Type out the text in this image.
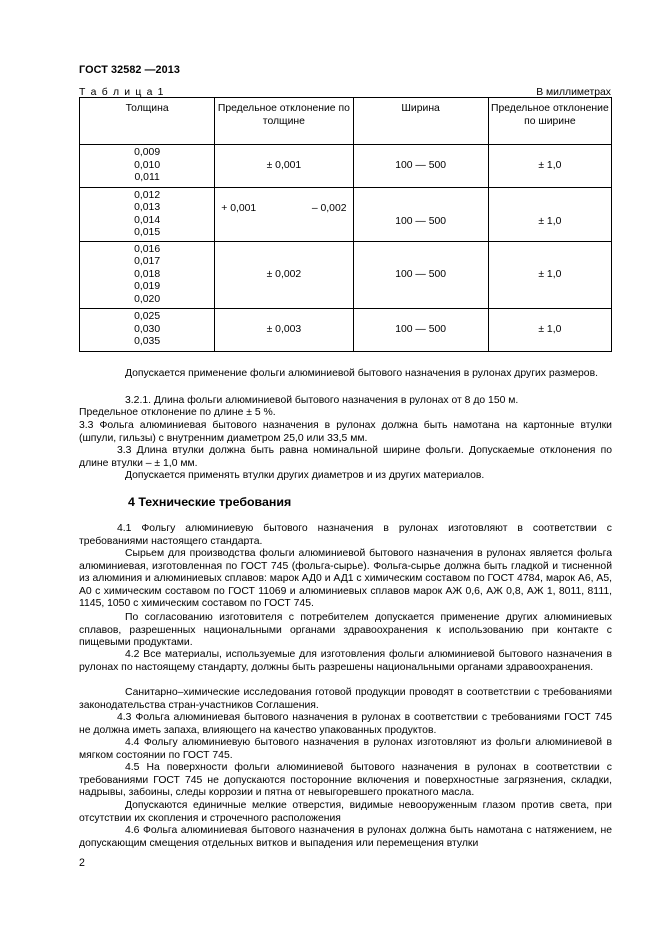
ГОСТ 32582 —2013
Т а б л и ц а 1	В миллиметрах
Толщина	Предельное отклонение по толщине	Ширина	Предельное отклонение по ширине

0,009
0,010
0,011	± 0,001	100 — 500	± 1,0

0,012
0,013
0,014
0,015	+ 0,001 – 0,002	100 — 500	± 1,0

0,016
0,017
0,018
0,019
0,020	± 0,002	100 — 500	± 1,0

0,025
0,030
0,035	± 0,003	100 — 500	± 1,0

Допускается применение фольги алюминиевой бытового назначения в рулонах других размеров.

3.2.1. Длина фольги алюминиевой бытового назначения в рулонах от 8 до 150 м.

Предельное отклонение по длине ± 5 %.

3.3 Фольга алюминиевая бытового назначения в рулонах должна быть намотана на картонные втулки (шпули, гильзы) с внутренним диаметром 25,0 или 33,5 мм.

3.3 Длина втулки должна быть равна номинальной ширине фольги. Допускаемые отклонения по длине втулки – ± 1,0 мм.

Допускается применять втулки других диаметров и из других материалов.

4 Технические требования

4.1 Фольгу алюминиевую бытового назначения в рулонах изготовляют в соответствии с требованиями настоящего стандарта.

Сырьем для производства фольги алюминиевой бытового назначения в рулонах является фольга алюминиевая, изготовленная по ГОСТ 745 (фольга-сырье). Фольга-сырье должна быть гладкой и тисненной из алюминия и алюминиевых сплавов: марок АД0 и АД1 с химическим составом по ГОСТ 4784, марок А6, А5, А0 с химическим составом по ГОСТ 11069 и алюминиевых сплавов марок АЖ 0,6, АЖ 0,8, АЖ 1, 8011, 8111, 1145, 1050 с химическим составом по ГОСТ 745.

По согласованию изготовителя с потребителем допускается применение других алюминиевых сплавов, разрешенных национальными органами здравоохранения к использованию при контакте с пищевыми продуктами.

4.2 Все материалы, используемые для изготовления фольги алюминиевой бытового назначения в рулонах по настоящему стандарту, должны быть разрешены национальными органами здравоохранения.

Санитарно–химические исследования готовой продукции проводят в соответствии с требованиями законодательства стран-участников Соглашения.

4.3 Фольга алюминиевая бытового назначения в рулонах в соответствии с требованиями ГОСТ 745 не должна иметь запаха, влияющего на качество упакованных продуктов.

4.4 Фольгу алюминиевую бытового назначения в рулонах изготовляют из фольги алюминиевой в мягком состоянии по ГОСТ 745.

4.5 На поверхности фольги алюминиевой бытового назначения в рулонах в соответствии с требованиями ГОСТ 745 не допускаются посторонние включения и поверхностные загрязнения, складки, надрывы, забоины, следы коррозии и пятна от невыгоревшего прокатного масла.

Допускаются единичные мелкие отверстия, видимые невооруженным глазом против света, при отсутствии их скопления и строчечного расположения

4.6 Фольга алюминиевая бытового назначения в рулонах должна быть намотана с натяжением, не допускающим смещения отдельных витков и выпадения или перемещения втулки

2
